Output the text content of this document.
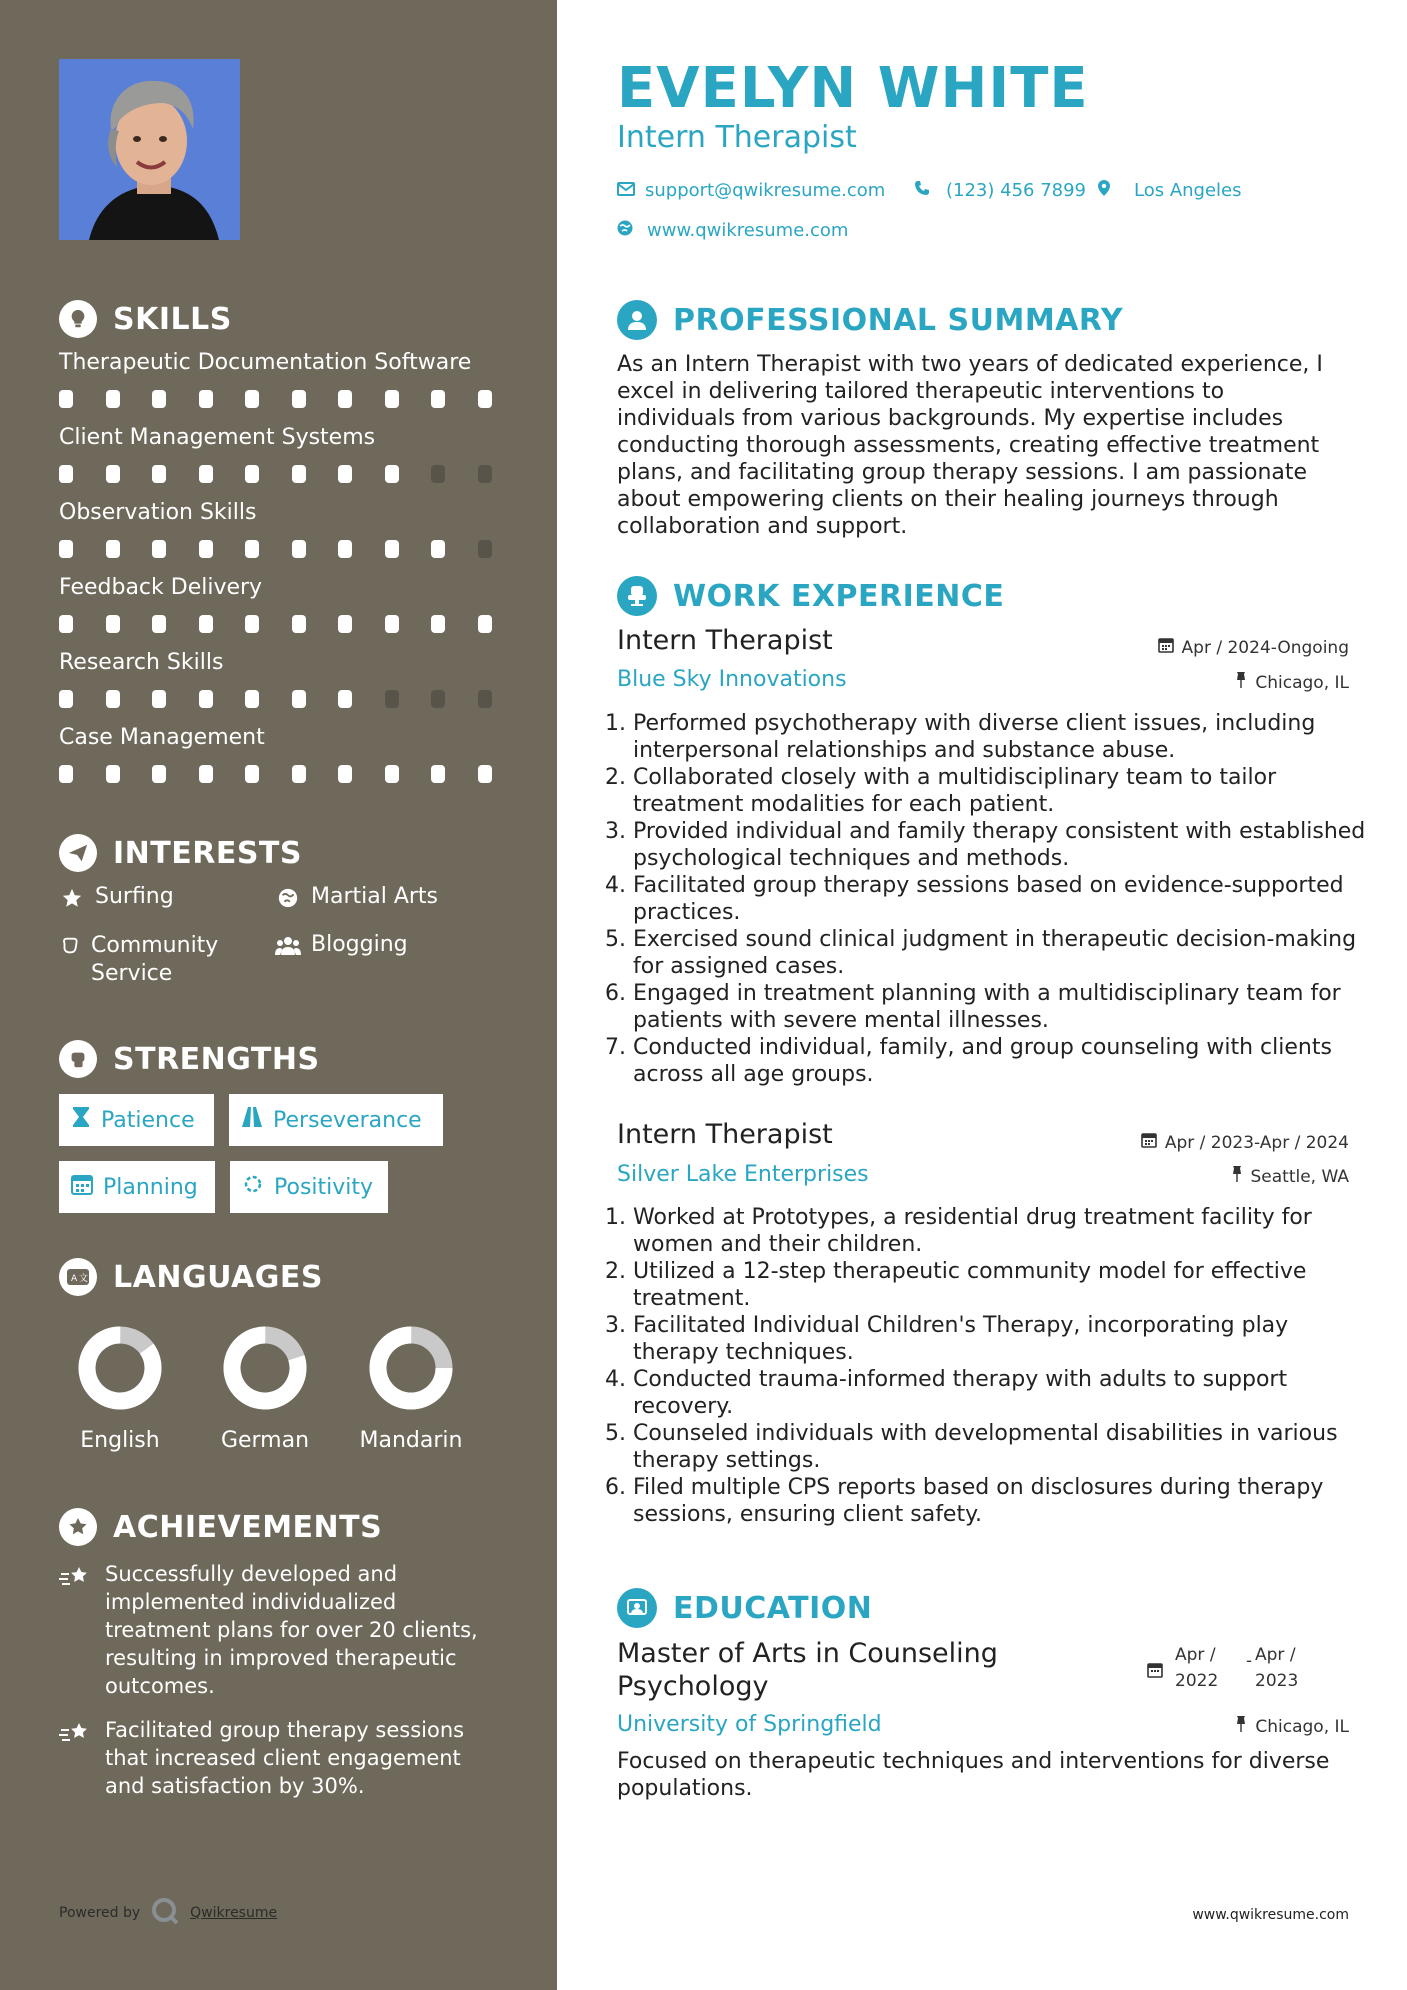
SKILLS
Therapeutic Documentation Software
Client Management Systems
Observation Skills
Feedback Delivery
Research Skills
Case Management
INTERESTS
Surfing	Martial Arts
Community Service
Blogging
STRENGTHS
Patience	Perseverance
Planning	Positivity
A 文 LANGUAGES
English	German	Mandarin
ACHIEVEMENTS
Successfully developed and implemented individualized treatment plans for over 20 clients, resulting in improved therapeutic outcomes.
Facilitated group therapy sessions that increased client engagement and satisfaction by 30%.
Powered by	Qwikresume
EVELYN WHITE
Intern Therapist
support@qwikresume.com	(123) 456 7899	Los Angeles
www.qwikresume.com
PROFESSIONAL SUMMARY
As an Intern Therapist with two years of dedicated experience, I excel in delivering tailored therapeutic interventions to individuals from various backgrounds. My expertise includes conducting thorough assessments, creating effective treatment plans, and facilitating group therapy sessions. I am passionate about empowering clients on their healing journeys through collaboration and support.
WORK EXPERIENCE
Intern Therapist
Blue Sky Innovations
Apr / 2024-Ongoing
Chicago, IL
1. Performed psychotherapy with diverse client issues, including interpersonal relationships and substance abuse.
2. Collaborated closely with a multidisciplinary team to tailor treatment modalities for each patient.
3. Provided individual and family therapy consistent with established psychological techniques and methods.
4. Facilitated group therapy sessions based on evidence-supported practices.
5. Exercised sound clinical judgment in therapeutic decision-making for assigned cases.
6. Engaged in treatment planning with a multidisciplinary team for patients with severe mental illnesses.
7. Conducted individual, family, and group counseling with clients across all age groups.
Intern Therapist
Silver Lake Enterprises
Apr / 2023-Apr / 2024
Seattle, WA
1. Worked at Prototypes, a residential drug treatment facility for women and their children.
2. Utilized a 12-step therapeutic community model for effective treatment.
3. Facilitated Individual Children's Therapy, incorporating play therapy techniques.
4. Conducted trauma-informed therapy with adults to support recovery.
5. Counseled individuals with developmental disabilities in various therapy settings.
6. Filed multiple CPS reports based on disclosures during therapy sessions, ensuring client safety.
EDUCATION
Master of Arts in Counseling
Psychology
Apr /
2022
- Apr /
2023
University of Springfield	Chicago, IL
Focused on therapeutic techniques and interventions for diverse populations.
www.qwikresume.com
